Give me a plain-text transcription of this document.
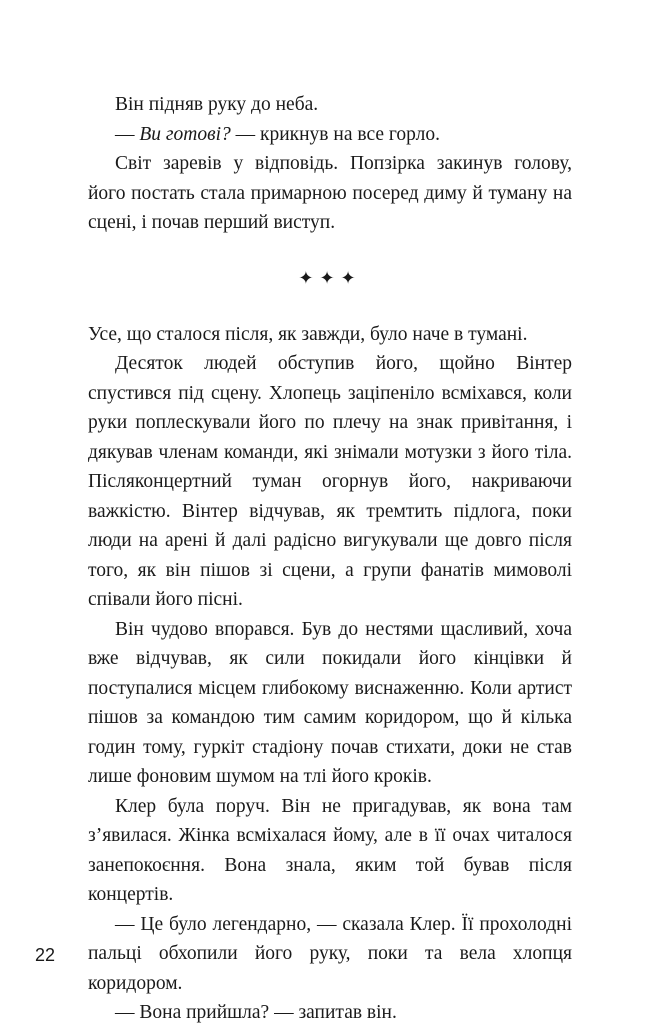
Він підняв руку до неба.

— Ви готові? — крикнув на все горло.

Світ заревів у відповідь. Попзірка закинув голову, його постать стала примарною посеред диму й туману на сцені, і почав перший виступ.

✦✦✦

Усе, що сталося після, як завжди, було наче в тумані.

Десяток людей обступив його, щойно Вінтер спустився під сцену. Хлопець заціпеніло всміхався, коли руки поплескували його по плечу на знак привітання, і дякував членам команди, які знімали мотузки з його тіла. Післяконцертний туман огорнув його, накриваючи важкістю. Вінтер відчував, як тремтить підлога, поки люди на арені й далі радісно вигукували ще довго після того, як він пішов зі сцени, а групи фанатів мимоволі співали його пісні.

Він чудово впорався. Був до нестями щасливий, хоча вже відчував, як сили покидали його кінцівки й поступалися місцем глибокому виснаженню. Коли артист пішов за командою тим самим коридором, що й кілька годин тому, гуркіт стадіону почав стихати, доки не став лише фоновим шумом на тлі його кроків.

Клер була поруч. Він не пригадував, як вона там з’явилася. Жінка всміхалася йому, але в її очах читалося занепокоєння. Вона знала, яким той бував після концертів.

— Це було легендарно, — сказала Клер. Її прохолодні пальці обхопили його руку, поки та вела хлопця коридором.

— Вона прийшла? — запитав він.

22
